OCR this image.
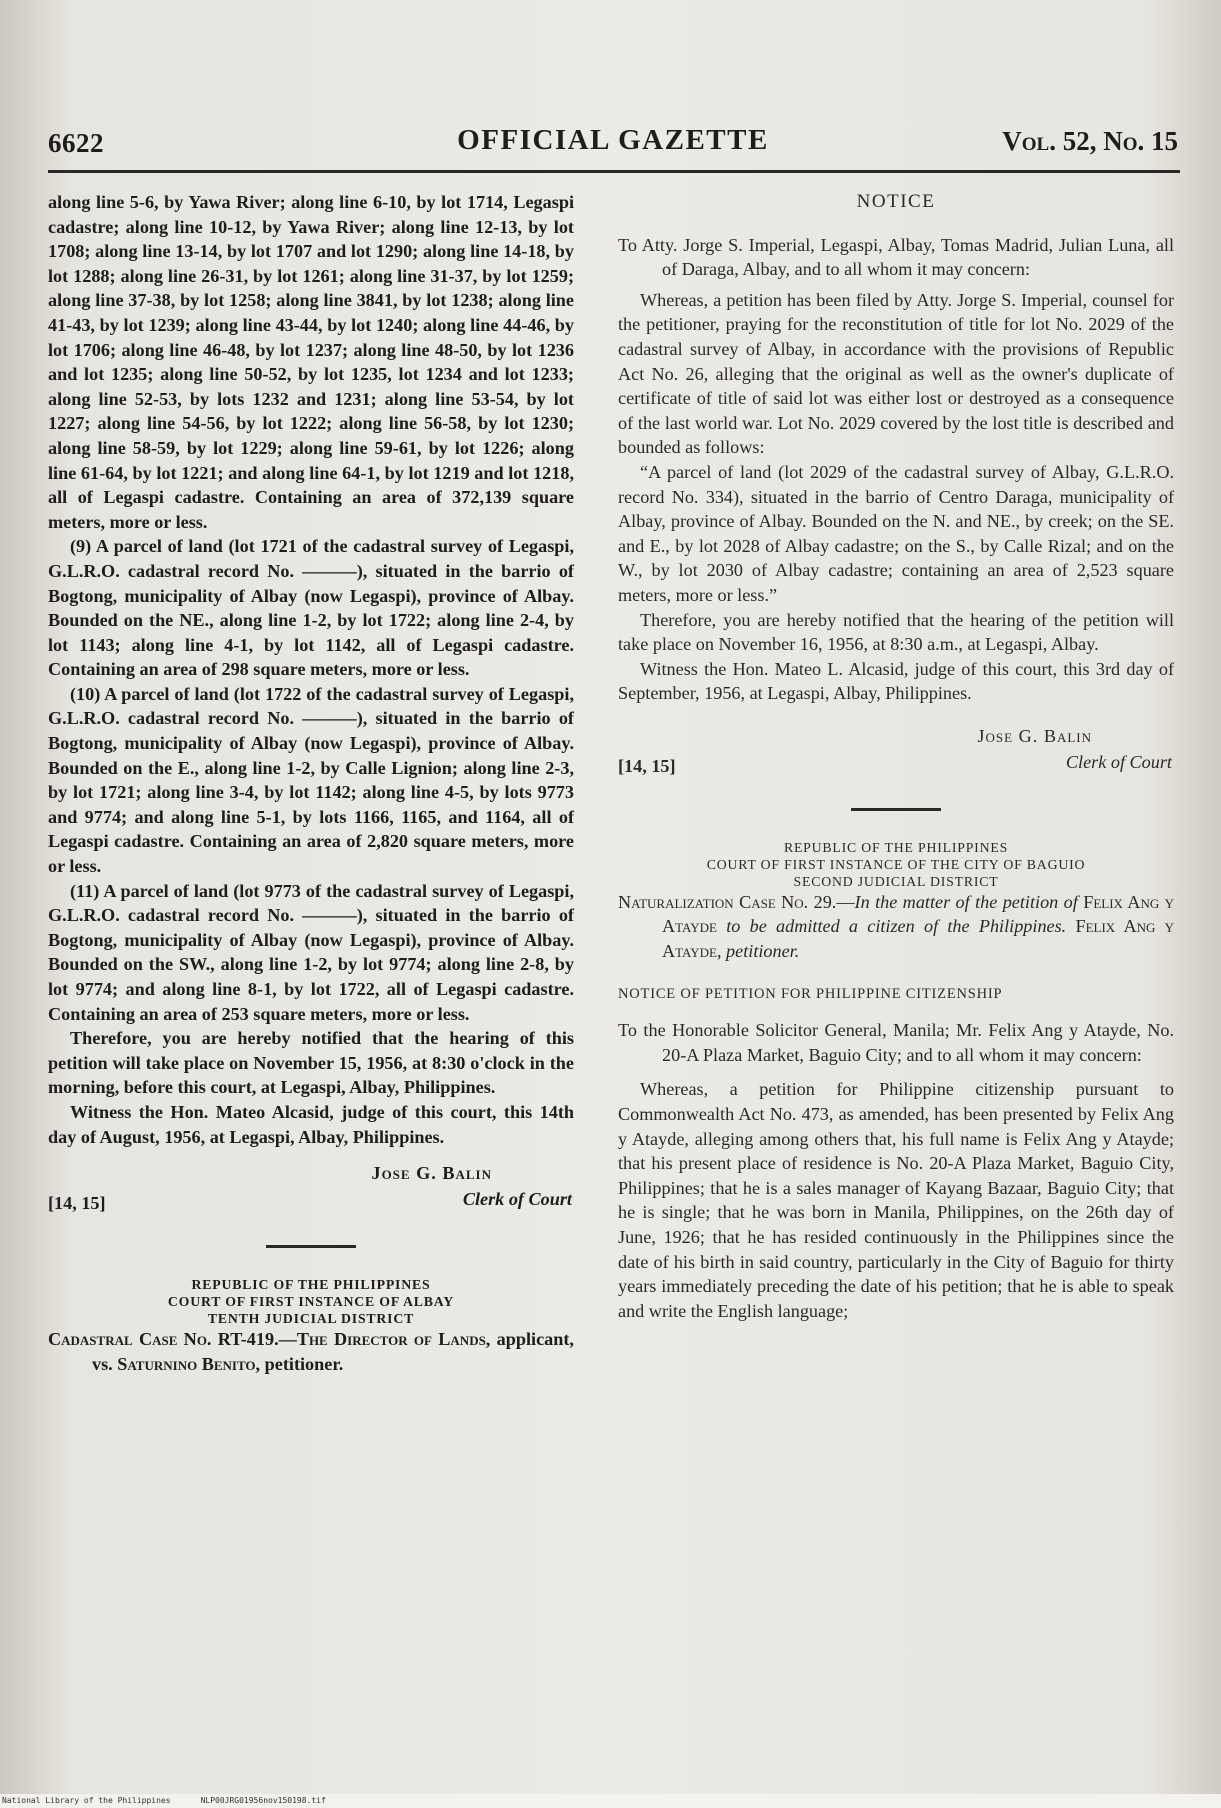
6622	OFFICIAL GAZETTE	Vol. 52, No. 15

along line 5-6, by Yawa River; along line 6-10, by lot 1714, Legaspi cadastre; along line 10-12, by Yawa River; along line 12-13, by lot 1708; along line 13-14, by lot 1707 and lot 1290; along line 14-18, by lot 1288; along line 26-31, by lot 1261; along line 31-37, by lot 1259; along line 37-38, by lot 1258; along line 3841, by lot 1238; along line 41-43, by lot 1239; along line 43-44, by lot 1240; along line 44-46, by lot 1706; along line 46-48, by lot 1237; along line 48-50, by lot 1236 and lot 1235; along line 50-52, by lot 1235, lot 1234 and lot 1233; along line 52-53, by lots 1232 and 1231; along line 53-54, by lot 1227; along line 54-56, by lot 1222; along line 56-58, by lot 1230; along line 58-59, by lot 1229; along line 59-61, by lot 1226; along line 61-64, by lot 1221; and along line 64-1, by lot 1219 and lot 1218, all of Legaspi cadastre. Containing an area of 372,139 square meters, more or less.

(9) A parcel of land (lot 1721 of the cadastral survey of Legaspi, G.L.R.O. cadastral record No. ———), situated in the barrio of Bogtong, municipality of Albay (now Legaspi), province of Albay. Bounded on the NE., along line 1-2, by lot 1722; along line 2-4, by lot 1143; along line 4-1, by lot 1142, all of Legaspi cadastre. Containing an area of 298 square meters, more or less.

(10) A parcel of land (lot 1722 of the cadastral survey of Legaspi, G.L.R.O. cadastral record No. ———), situated in the barrio of Bogtong, municipality of Albay (now Legaspi), province of Albay. Bounded on the E., along line 1-2, by Calle Lignion; along line 2-3, by lot 1721; along line 3-4, by lot 1142; along line 4-5, by lots 9773 and 9774; and along line 5-1, by lots 1166, 1165, and 1164, all of Legaspi cadastre. Containing an area of 2,820 square meters, more or less.

(11) A parcel of land (lot 9773 of the cadastral survey of Legaspi, G.L.R.O. cadastral record No. ———), situated in the barrio of Bogtong, municipality of Albay (now Legaspi), province of Albay. Bounded on the SW., along line 1-2, by lot 9774; along line 2-8, by lot 9774; and along line 8-1, by lot 1722, all of Legaspi cadastre. Containing an area of 253 square meters, more or less.

Therefore, you are hereby notified that the hearing of this petition will take place on November 15, 1956, at 8:30 o'clock in the morning, before this court, at Legaspi, Albay, Philippines.

Witness the Hon. Mateo Alcasid, judge of this court, this 14th day of August, 1956, at Legaspi, Albay, Philippines.

[14, 15]
Jose G. Balin
Clerk of Court
REPUBLIC OF THE PHILIPPINES
COURT OF FIRST INSTANCE OF ALBAY
TENTH JUDICIAL DISTRICT

Cadastral Case No. RT-419.—The Director of Lands, applicant, vs. Saturnino Benito, petitioner.

NOTICE

To Atty. Jorge S. Imperial, Legaspi, Albay, Tomas Madrid, Julian Luna, all of Daraga, Albay, and to all whom it may concern:

Whereas, a petition has been filed by Atty. Jorge S. Imperial, counsel for the petitioner, praying for the reconstitution of title for lot No. 2029 of the cadastral survey of Albay, in accordance with the provisions of Republic Act No. 26, alleging that the original as well as the owner's duplicate of certificate of title of said lot was either lost or destroyed as a consequence of the last world war. Lot No. 2029 covered by the lost title is described and bounded as follows:

“A parcel of land (lot 2029 of the cadastral survey of Albay, G.L.R.O. record No. 334), situated in the barrio of Centro Daraga, municipality of Albay, province of Albay. Bounded on the N. and NE., by creek; on the SE. and E., by lot 2028 of Albay cadastre; on the S., by Calle Rizal; and on the W., by lot 2030 of Albay cadastre; containing an area of 2,523 square meters, more or less.”

Therefore, you are hereby notified that the hearing of the petition will take place on November 16, 1956, at 8:30 a.m., at Legaspi, Albay.

Witness the Hon. Mateo L. Alcasid, judge of this court, this 3rd day of September, 1956, at Legaspi, Albay, Philippines.

[14, 15]
Jose G. Balin
Clerk of Court
REPUBLIC OF THE PHILIPPINES
COURT OF FIRST INSTANCE OF THE CITY OF BAGUIO
SECOND JUDICIAL DISTRICT

Naturalization Case No. 29.—In the matter of the petition of Felix Ang y Atayde to be admitted a citizen of the Philippines. Felix Ang y Atayde, petitioner.

NOTICE OF PETITION FOR PHILIPPINE CITIZENSHIP

To the Honorable Solicitor General, Manila; Mr. Felix Ang y Atayde, No. 20-A Plaza Market, Baguio City; and to all whom it may concern:

Whereas, a petition for Philippine citizenship pursuant to Commonwealth Act No. 473, as amended, has been presented by Felix Ang y Atayde, alleging among others that, his full name is Felix Ang y Atayde; that his present place of residence is No. 20-A Plaza Market, Baguio City, Philippines; that he is a sales manager of Kayang Bazaar, Baguio City; that he is single; that he was born in Manila, Philippines, on the 26th day of June, 1926; that he has resided continuously in the Philippines since the date of his birth in said country, particularly in the City of Baguio for thirty years immediately preceding the date of his petition; that he is able to speak and write the English language;

National Library of the Philippines	NLP00JRG01956nov150198.tif
